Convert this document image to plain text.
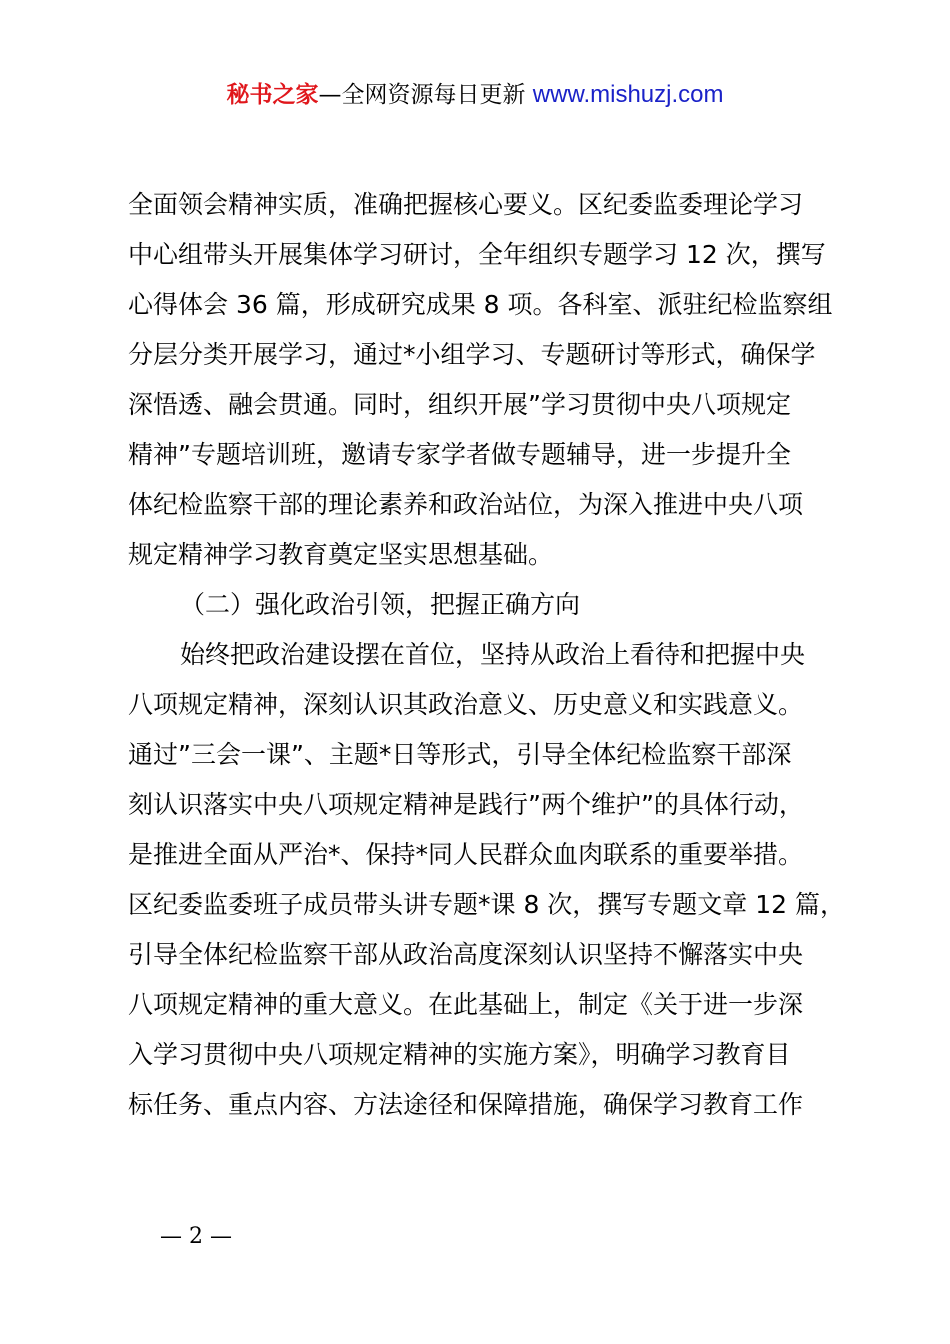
秘书之家—全网资源每日更新 www.mishuzj.com
全面领会精神实质，准确把握核心要义。区纪委监委理论学习
中心组带头开展集体学习研讨，全年组织专题学习 12 次，撰写
心得体会 36 篇，形成研究成果 8 项。各科室、派驻纪检监察组
分层分类开展学习，通过*小组学习、专题研讨等形式，确保学
深悟透、融会贯通。同时，组织开展”学习贯彻中央八项规定
精神”专题培训班，邀请专家学者做专题辅导，进一步提升全
体纪检监察干部的理论素养和政治站位，为深入推进中央八项
规定精神学习教育奠定坚实思想基础。
（二）强化政治引领，把握正确方向
始终把政治建设摆在首位，坚持从政治上看待和把握中央
八项规定精神，深刻认识其政治意义、历史意义和实践意义。
通过”三会一课”、主题*日等形式，引导全体纪检监察干部深
刻认识落实中央八项规定精神是践行”两个维护”的具体行动，
是推进全面从严治*、保持*同人民群众血肉联系的重要举措。
区纪委监委班子成员带头讲专题*课 8 次，撰写专题文章 12 篇，
引导全体纪检监察干部从政治高度深刻认识坚持不懈落实中央
八项规定精神的重大意义。在此基础上，制定《关于进一步深
入学习贯彻中央八项规定精神的实施方案》，明确学习教育目
标任务、重点内容、方法途径和保障措施，确保学习教育工作
— 2 —
